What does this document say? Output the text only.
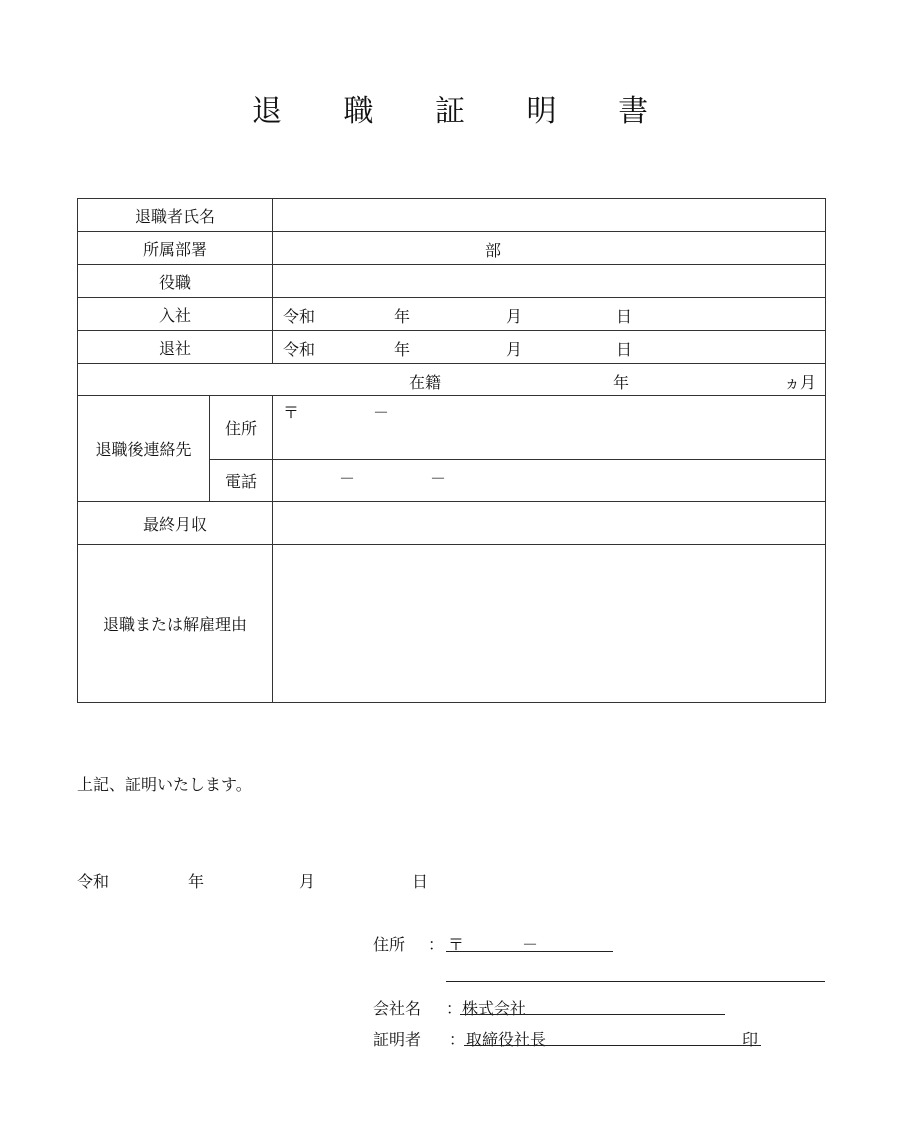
退 職 証 明 書
退職者氏名		
所属部署		部

役職		
入社		令和 年 月 日

退社		令和 年 月 日

在籍 年 ヵ月		

退職後連絡先	住所	〒 －

	電話	－ －

最終月収		
退職または解雇理由		
上記、証明いたします。
令和	年	月	日
住所 ： 〒	－
会社名 ： 株式会社
証明者 ： 取締役社長	印
